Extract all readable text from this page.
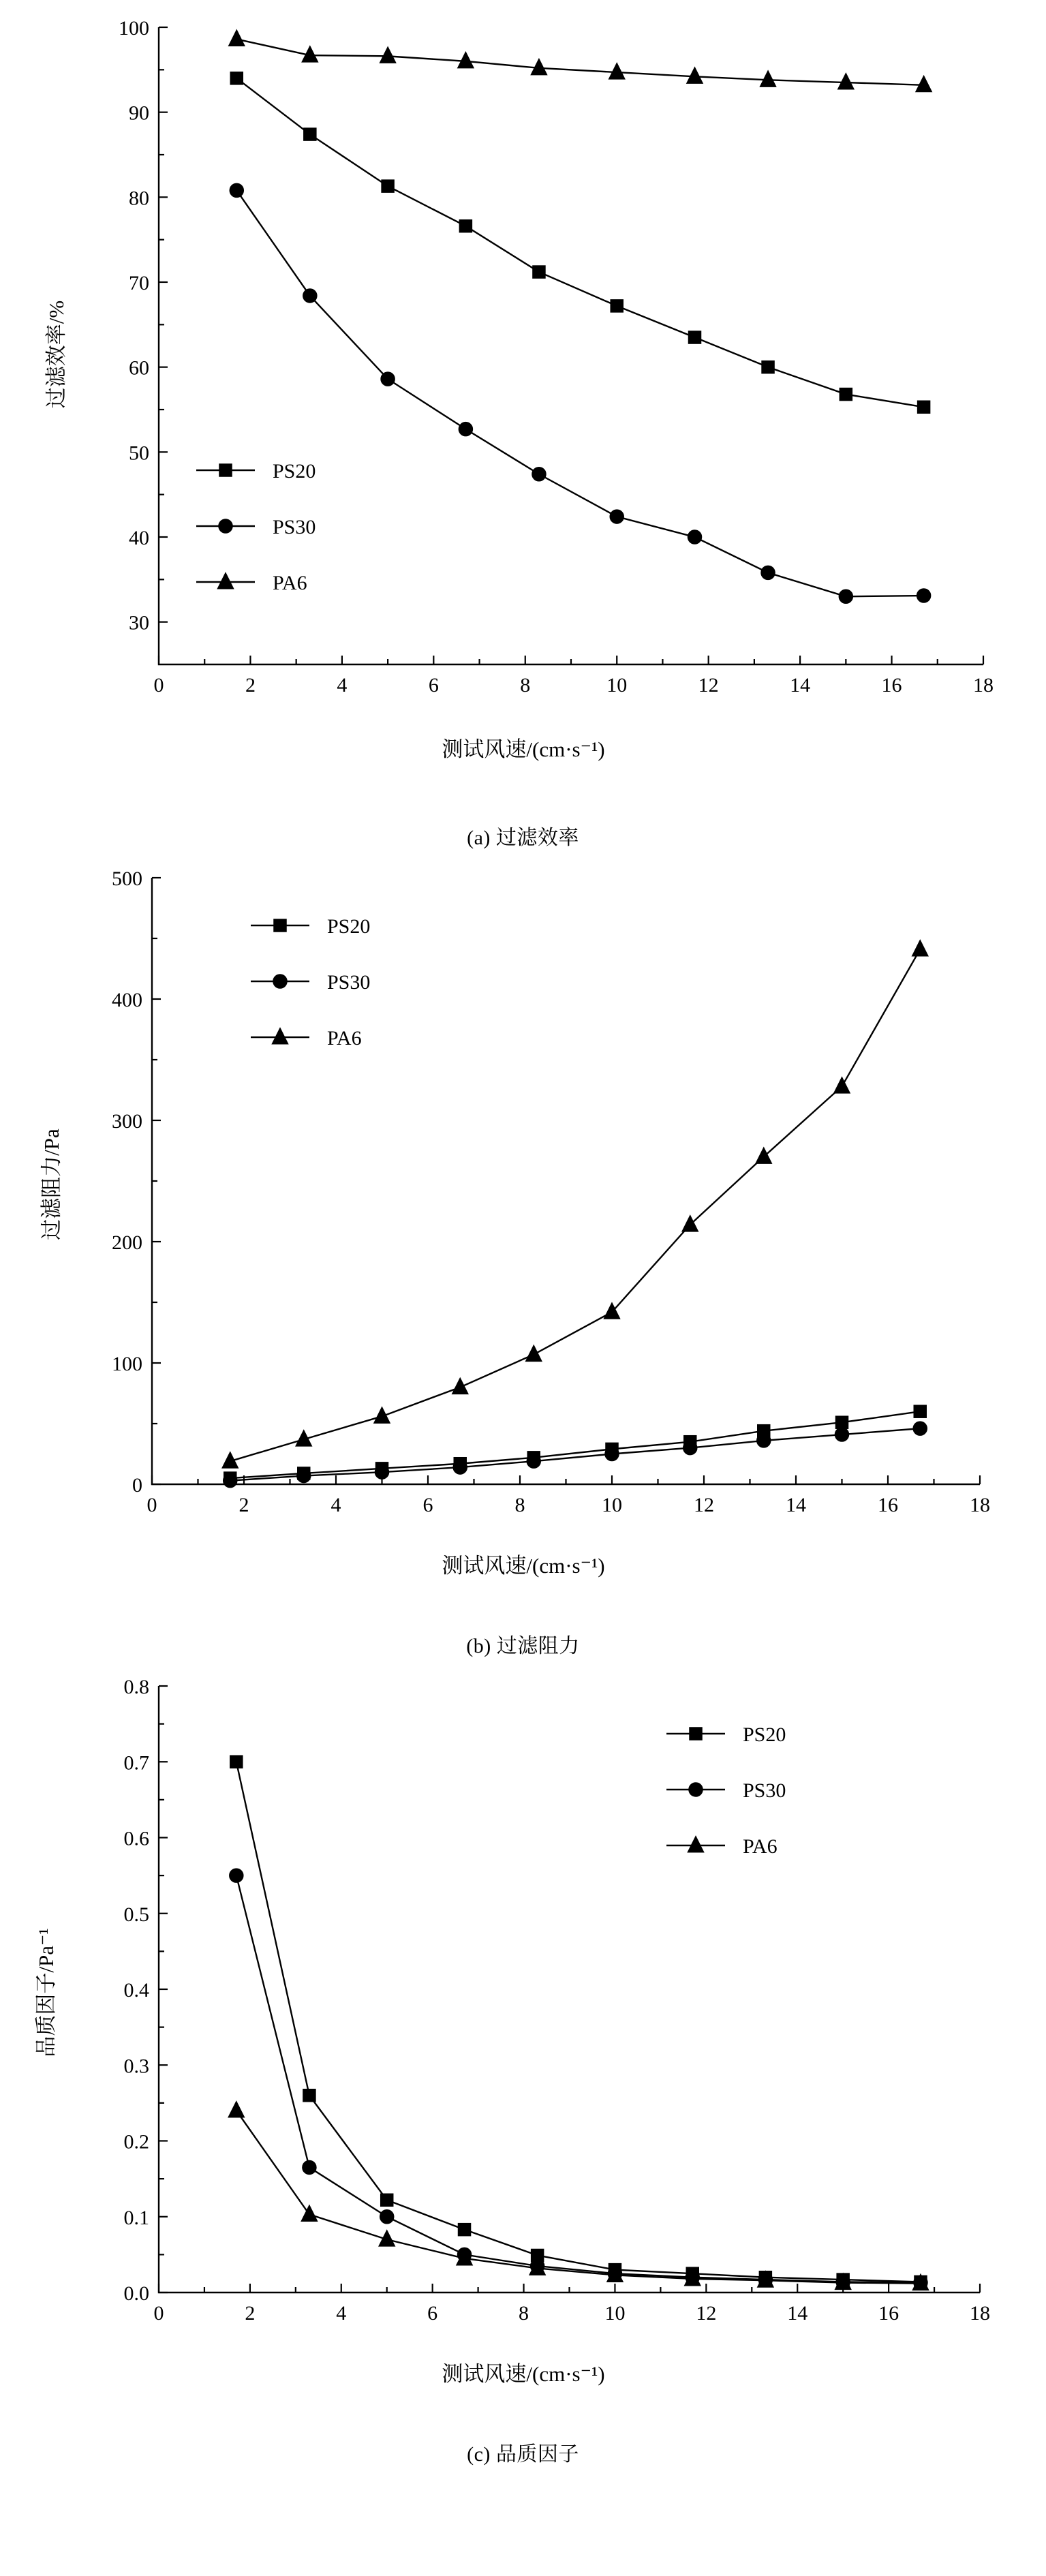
0	2	4	6	8	10	12	14	16	18
30
40
50
60
70
80
90
100
PS20
PS30
PA6
测试风速/(cm·s⁻¹)
过滤效率/%
(a) 过滤效率
0	2	4	6	8	10	12	14	16	18
0
100
200
300
400
500
PS20
PS30
PA6
测试风速/(cm·s⁻¹)
过滤阻力/Pa
(b) 过滤阻力
0	2	4	6	8	10	12	14	16	18
0.0
0.1
0.2
0.3
0.4
0.5
0.6
0.7
0.8
PS20
PS30
PA6
测试风速/(cm·s⁻¹)
品质因子/Pa⁻¹
(c) 品质因子
